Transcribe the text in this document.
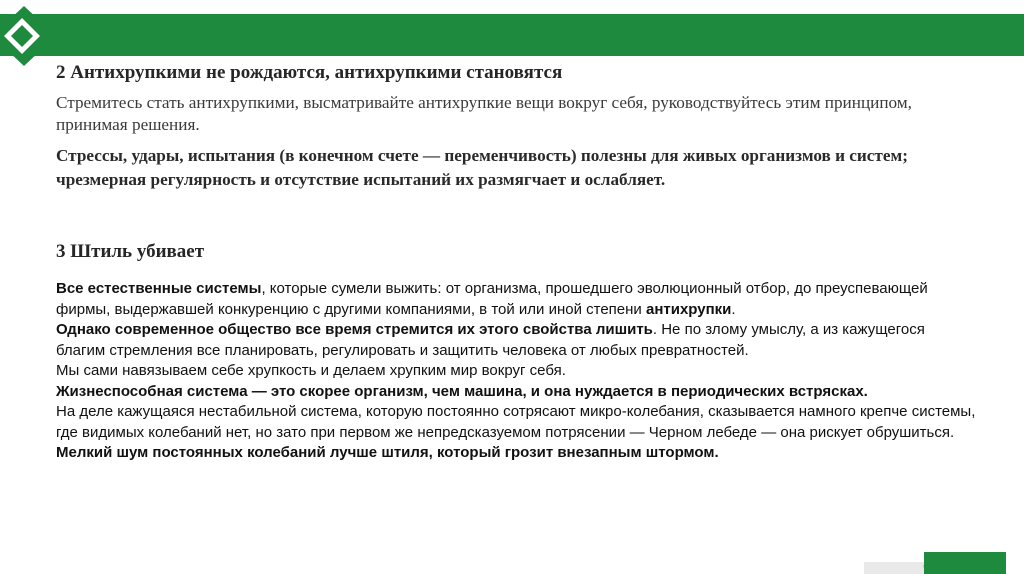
2 Антихрупкими не рождаются, антихрупкими становятся

Стремитесь стать антихрупкими, высматривайте антихрупкие вещи вокруг себя, руководствуйтесь этим принципом, принимая решения.

Стрессы, удары, испытания (в конечном счете — переменчивость) полезны для живых организмов и систем; чрезмерная регулярность и отсутствие испытаний их размягчает и ослабляет.

3 Штиль убивает

Все естественные системы, которые сумели выжить: от организма, прошедшего эволюционный отбор, до преуспевающей фирмы, выдержавшей конкуренцию с другими компаниями, в той или иной степени антихрупки.
Однако современное общество все время стремится их этого свойства лишить. Не по злому умыслу, а из кажущегося благим стремления все планировать, регулировать и защитить человека от любых превратностей.
Мы сами навязываем себе хрупкость и делаем хрупким мир вокруг себя.
Жизнеспособная система — это скорее организм, чем машина, и она нуждается в периодических встрясках.
На деле кажущаяся нестабильной система, которую постоянно сотрясают микро-колебания, сказывается намного крепче системы, где видимых колебаний нет, но зато при первом же непредсказуемом потрясении — Черном лебеде — она рискует обрушиться.
Мелкий шум постоянных колебаний лучше штиля, который грозит внезапным штормом.
